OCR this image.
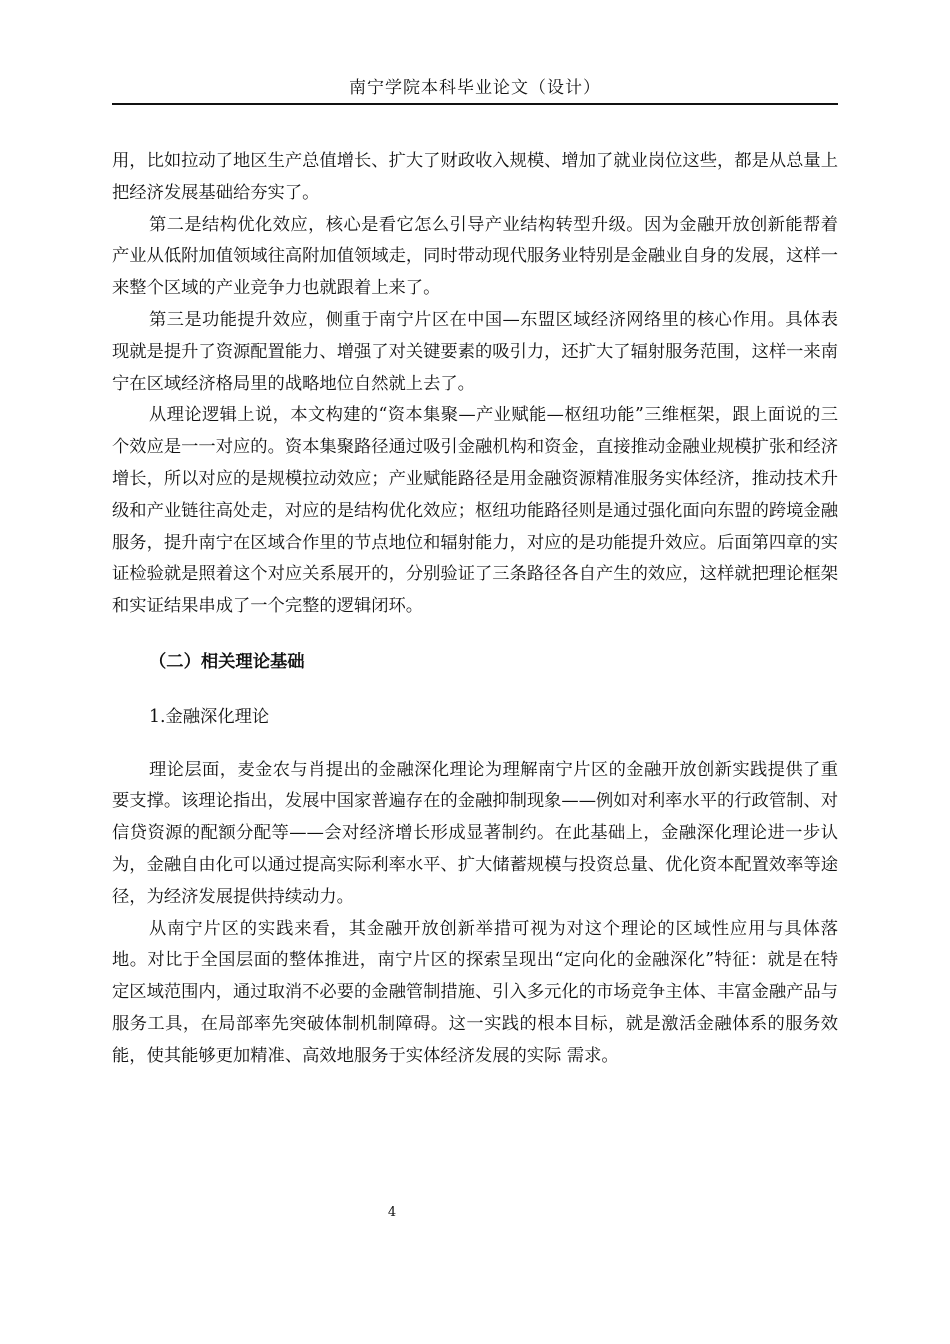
南宁学院本科毕业论文（设计）

用，比如拉动了地区生产总值增长、扩大了财政收入规模、增加了就业岗位这些，都是从总量上把经济发展基础给夯实了。

第二是结构优化效应，核心是看它怎么引导产业结构转型升级。因为金融开放创新能帮着产业从低附加值领域往高附加值领域走，同时带动现代服务业特别是金融业自身的发展，这样一来整个区域的产业竞争力也就跟着上来了。

第三是功能提升效应，侧重于南宁片区在中国—东盟区域经济网络里的核心作用。具体表现就是提升了资源配置能力、增强了对关键要素的吸引力，还扩大了辐射服务范围，这样一来南宁在区域经济格局里的战略地位自然就上去了。

从理论逻辑上说，本文构建的“资本集聚—产业赋能—枢纽功能”三维框架，跟上面说的三个效应是一一对应的。资本集聚路径通过吸引金融机构和资金，直接推动金融业规模扩张和经济增长，所以对应的是规模拉动效应；产业赋能路径是用金融资源精准服务实体经济，推动技术升级和产业链往高处走，对应的是结构优化效应；枢纽功能路径则是通过强化面向东盟的跨境金融服务，提升南宁在区域合作里的节点地位和辐射能力，对应的是功能提升效应。后面第四章的实证检验就是照着这个对应关系展开的，分别验证了三条路径各自产生的效应，这样就把理论框架和实证结果串成了一个完整的逻辑闭环。

（二）相关理论基础
1.金融深化理论

理论层面，麦金农与肖提出的金融深化理论为理解南宁片区的金融开放创新实践提供了重要支撑。该理论指出，发展中国家普遍存在的金融抑制现象——例如对利率水平的行政管制、对信贷资源的配额分配等——会对经济增长形成显著制约。在此基础上，金融深化理论进一步认为，金融自由化可以通过提高实际利率水平、扩大储蓄规模与投资总量、优化资本配置效率等途径，为经济发展提供持续动力。

从南宁片区的实践来看，其金融开放创新举措可视为对这个理论的区域性应用与具体落地。对比于全国层面的整体推进，南宁片区的探索呈现出“定向化的金融深化”特征：就是在特定区域范围内，通过取消不必要的金融管制措施、引入多元化的市场竞争主体、丰富金融产品与服务工具，在局部率先突破体制机制障碍。这一实践的根本目标，就是激活金融体系的服务效能，使其能够更加精准、高效地服务于实体经济发展的实际 需求。

4
